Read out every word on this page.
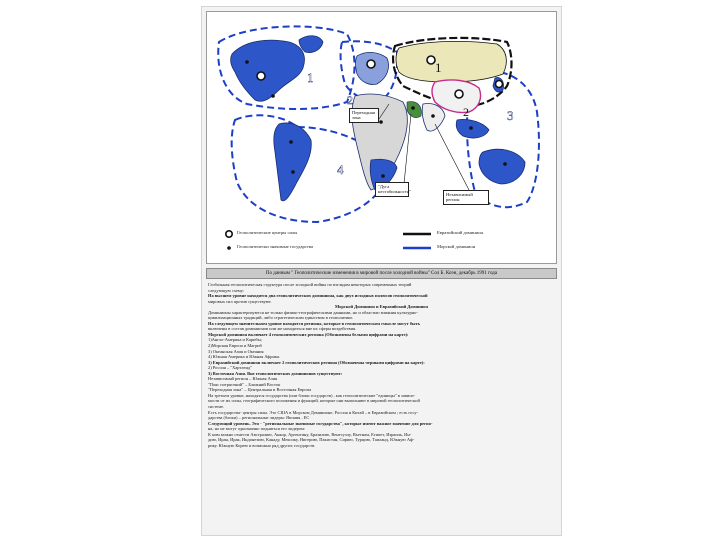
1
2
3
4
1
2
Геополитические центры силы
Геополитически значимые государства
Евразийский доминион
Морской доминион
Переходная зона
"Дуга нестабильности"
Независимый регион
По данным " Геополитические изменения в мировой после холодной войны" Сол Б. Коэн, декабрь 1991 года

Глобальная геополитическая структура после холодной войны по взглядам некоторых современных теорий

следующую схему:

На высшем уровне находятся два геополитических доминиона, как двух исходных полюсов геополитической

мировых сил против существуют.

Морской Доминион и Евразийский Доминион

Доминионы характеризуются не только физико-географическими данными, но и областью влияния культурно-

цивилизационных традиций, либо стратегическим единством в геополитике.

На следующем значительном уровне находятся регионы, которые в геополитическом смысле могут быть

включены в состав доминионов или же находиться вне их сферы воздействия.

Морской доминион включает 4 геополитических региона (Обозначены белыми цифрами на карте):

1)Англо-Америка и Карибы;

2)Морская Европа и Магриб

3) Океанская Азия и Океания

4) Южная Америка и Южная Африка.

1) Евразийский доминион включает 2 геополитических региона (Обозначены черными цифрами на карте):

2) Россия – "Хартленд"

3) Восточная Азия. Вне геополитических доминионов существуют:

Независимый регион – Южная Азия

"Пояс потрясений" – Ближний Восток

"Переходная зона" – Центральная и Восточная Европа

На третьем уровне, находятся государства (или блоки государств) , как геополитические "единицы" в зависи-

мости от их силы, географического положения и функций, которые они выполняют в мировой геополитической

системе.

Есть государства- центры силы. Это США в Морском Доминионе, Россия и Китай – в Евразийском ; есть госу-

дарства (блоки) – региональные лидеры: Япония , ЕС

Следующий уровень. Это - "региональные значимые государства", которые имеют важное значение для регио-

на, но не могут однозначно подняться его лидером:

К ним можно отнести Австралию, Анкор, Аргентину, Бразилию, Венесуэлу, Вьетнам, Египет, Израиль, Ин-

дию, Иран, Ирак, Индонезию, Канаду, Мексику, Нигерию, Пакистан, Сирию, Турцию, Таиланд, Южную Аф-

рику. Южную Корею и возможно ряд других государств.
